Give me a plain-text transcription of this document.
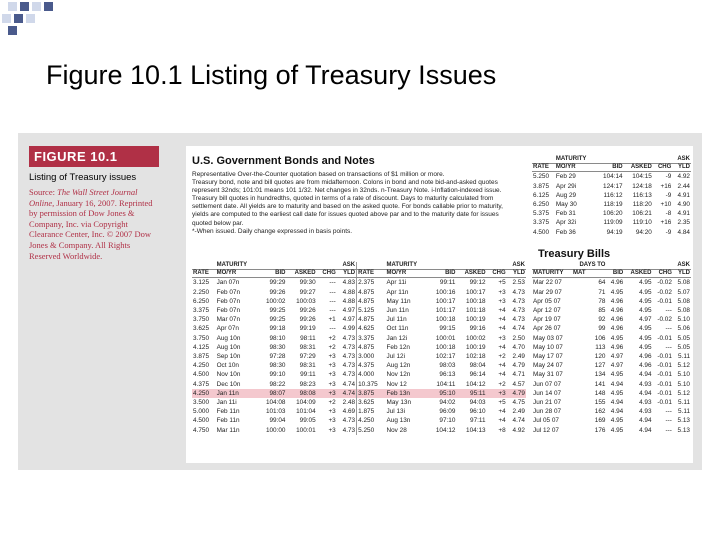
Figure 10.1 Listing of Treasury Issues
FIGURE 10.1
Listing of Treasury issues
Source: The Wall Street Journal Online, January 16, 2007. Reprinted by permission of Dow Jones & Company, Inc. via Copyright Clearance Center, Inc. © 2007 Dow Jones & Company. All Rights Reserved Worldwide.
U.S. Government Bonds and Notes

Representative Over-the-Counter quotation based on transactions of $1 million or more.

Treasury bond, note and bill quotes are from midafternoon. Colons in bond and note bid-and-asked quotes represent 32nds; 101:01 means 101 1/32. Net changes in 32nds. n-Treasury Note. i-Inflation-indexed issue. Treasury bill quotes in hundredths, quoted in terms of a rate of discount. Days to maturity calculated from settlement date. All yields are to maturity and based on the asked quote. For bonds callable prior to maturity, yields are computed to the earliest call date for issues quoted above par and to the maturity date for issues quoted below par.

*-When issued. Daily change expressed in basis points.

	MATURITY				ASK
RATE	MO/YR	BID	ASKED	CHG	YLD
5.250	Feb 29	104:14	104:15	-9	4.92
3.875	Apr 29i	124:17	124:18	+16	2.44
6.125	Aug 29	116:12	116:13	-9	4.91
6.250	May 30	118:19	118:20	+10	4.90
5.375	Feb 31	106:20	106:21	-8	4.91
3.375	Apr 32i	119:09	119:10	+16	2.35
4.500	Feb 36	94:19	94:20	-9	4.84
Treasury Bills
	MATURITY				ASK		MATURITY				ASK
RATE	MO/YR	BID	ASKED	CHG	YLD	RATE	MO/YR	BID	ASKED	CHG	YLD
3.125	Jan 07n	99:29	99:30	---	4.83	2.375	Apr 11i	99:11	99:12	+5	2.53
2.250	Feb 07n	99:26	99:27	---	4.88	4.875	Apr 11n	100:16	100:17	+3	4.73
6.250	Feb 07n	100:02	100:03	---	4.88	4.875	May 11n	100:17	100:18	+3	4.73
3.375	Feb 07n	99:25	99:26	---	4.97	5.125	Jun 11n	101:17	101:18	+4	4.73
3.750	Mar 07n	99:25	99:26	+1	4.97	4.875	Jul 11n	100:18	100:19	+4	4.73
3.625	Apr 07n	99:18	99:19	---	4.99	4.625	Oct 11n	99:15	99:16	+4	4.74
3.750	Aug 10n	98:10	98:11	+2	4.73	3.375	Jan 12i	100:01	100:02	+3	2.50
4.125	Aug 10n	98:30	98:31	+2	4.73	4.875	Feb 12n	100:18	100:19	+4	4.70
3.875	Sep 10n	97:28	97:29	+3	4.73	3.000	Jul 12i	102:17	102:18	+2	2.49
4.250	Oct 10n	98:30	98:31	+3	4.73	4.375	Aug 12n	98:03	98:04	+4	4.79
4.500	Nov 10n	99:10	99:11	+3	4.73	4.000	Nov 12n	96:13	96:14	+4	4.71
4.375	Dec 10n	98:22	98:23	+3	4.74	10.375	Nov 12	104:11	104:12	+2	4.57
4.250	Jan 11n	98:07	98:08	+3	4.74	3.875	Feb 13n	95:10	95:11	+3	4.79
3.500	Jan 11i	104:08	104:09	+2	2.48	3.625	May 13n	94:02	94:03	+5	4.75
5.000	Feb 11n	101:03	101:04	+3	4.69	1.875	Jul 13i	96:09	96:10	+4	2.49
4.500	Feb 11n	99:04	99:05	+3	4.73	4.250	Aug 13n	97:10	97:11	+4	4.74
4.750	Mar 11n	100:00	100:01	+3	4.73	5.250	Nov 28	104:12	104:13	+8	4.92
	DAYS TO				ASK
MATURITY	MAT	BID	ASKED	CHG	YLD
Mar 22 07	64	4.96	4.95	-0.02	5.08
Mar 29 07	71	4.95	4.95	-0.02	5.07
Apr 05 07	78	4.96	4.95	-0.01	5.08
Apr 12 07	85	4.96	4.95	---	5.08
Apr 19 07	92	4.96	4.97	-0.02	5.10
Apr 26 07	99	4.96	4.95	---	5.06
May 03 07	106	4.95	4.95	-0.01	5.05
May 10 07	113	4.96	4.95	---	5.05
May 17 07	120	4.97	4.96	-0.01	5.11
May 24 07	127	4.97	4.96	-0.01	5.12
May 31 07	134	4.95	4.94	-0.01	5.10
Jun 07 07	141	4.94	4.93	-0.01	5.10
Jun 14 07	148	4.95	4.94	-0.01	5.12
Jun 21 07	155	4.94	4.93	-0.01	5.11
Jun 28 07	162	4.94	4.93	---	5.11
Jul 05 07	169	4.95	4.94	---	5.13
Jul 12 07	176	4.95	4.94	---	5.13
